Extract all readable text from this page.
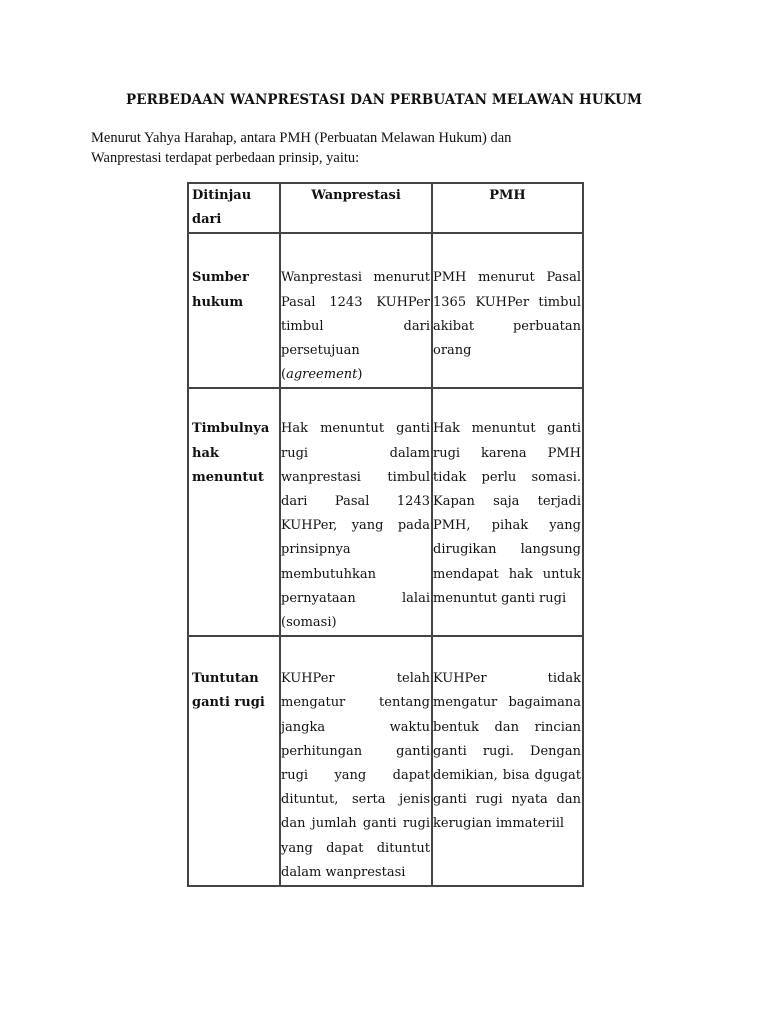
PERBEDAAN WANPRESTASI DAN PERBUATAN MELAWAN HUKUM

Menurut Yahya Harahap, antara PMH (Perbuatan Melawan Hukum) dan

Wanprestasi terdapat perbedaan prinsip, yaitu:

Ditinjau dari	Wanprestasi	PMH

Sumber hukum	Wanprestasi menurut Pasal 1243 KUHPer timbul dari persetujuan (agreement)	PMH menurut Pasal 1365 KUHPer timbul akibat perbuatan orang

Timbulnya hak menuntut	Hak menuntut ganti rugi dalam wanprestasi timbul dari Pasal 1243 KUHPer, yang pada prinsipnya membutuhkan pernyataan lalai (somasi)	Hak menuntut ganti rugi karena PMH tidak perlu somasi. Kapan saja terjadi PMH, pihak yang dirugikan langsung mendapat hak untuk menuntut ganti rugi

Tuntutan ganti rugi	KUHPer telah mengatur tentang jangka waktu perhitungan ganti rugi yang dapat dituntut, serta jenis dan jumlah ganti rugi yang dapat dituntut dalam wanprestasi	KUHPer tidak mengatur bagaimana bentuk dan rincian ganti rugi. Dengan demikian, bisa dgugat ganti rugi nyata dan kerugian immateriil
